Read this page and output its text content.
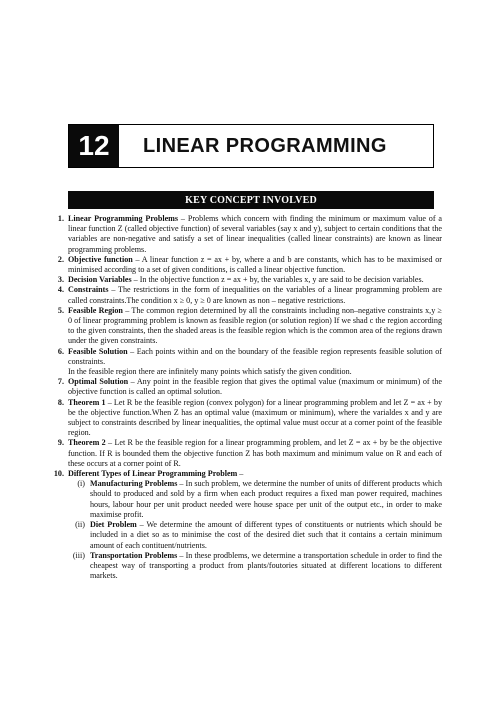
12	LINEAR PROGRAMMING
KEY CONCEPT INVOLVED
1. Linear Programming Problems – Problems which concern with finding the minimum or maximum value of a linear function Z (called objective function) of several variables (say x and y), subject to certain conditions that the variables are non-negative and satisfy a set of linear inequalities (called linear constraints) are known as linear programming problems.
2. Objective function – A linear function z = ax + by, where a and b are constants, which has to be maximised or minimised according to a set of given conditions, is called a linear objective function.
3. Decision Variables – In the objective function z = ax + by, the variables x, y are said to be decision variables.
4. Constraints – The restrictions in the form of inequalities on the variables of a linear programming problem are called constraints.The condition x ≥ 0, y ≥ 0 are known as non – negative restrictions.
5. Feasible Region – The common region determined by all the constraints including non–negative constraints x,y ≥ 0 of linear programming problem is known as feasible region (or solution region) If we shad c the region according to the given constraints, then the shaded areas is the feasible region which is the common area of the regions drawn under the given constraints.
6. Feasible Solution – Each points within and on the boundary of the feasible region represents feasible solution of constraints.
In the feasible region there are infinitely many points which satisfy the given condition.
7. Optimal Solution – Any point in the feasible region that gives the optimal value (maximum or minimum) of the objective function is called an optimal solution.
8. Theorem 1 – Let R be the feasible region (convex polygon) for a linear programming problem and let Z = ax + by be the objective function.When Z has an optimal value (maximum or minimum), where the varialdes x and y are subject to constraints described by linear inequalities, the optimal value must occur at a corner point of the feasible region.
9. Theorem 2 – Let R be the feasible region for a linear programming problem, and let Z = ax + by be the objective function. If R is bounded them the objective function Z has both maximum and minimum value on R and each of these occurs at a corner point of R.
10. Different Types of Linear Programming Problem –
(i) Manufacturing Problems – In such problem, we determine the number of units of different products which should to produced and sold by a firm when each product requires a fixed man power required, machines hours, labour hour per unit product needed were house space per unit of the output etc., in order to make maximise profit.
(ii) Diet Problem – We determine the amount of different types of constituents or nutrients which should be included in a diet so as to minimise the cost of the desired diet such that it contains a certain minimum amount of each contituent/nutrients.
(iii) Transportation Problems – In these prodblems, we determine a transportation schedule in order to find the cheapest way of transporting a product from plants/foutories situated at different locations to different markets.
